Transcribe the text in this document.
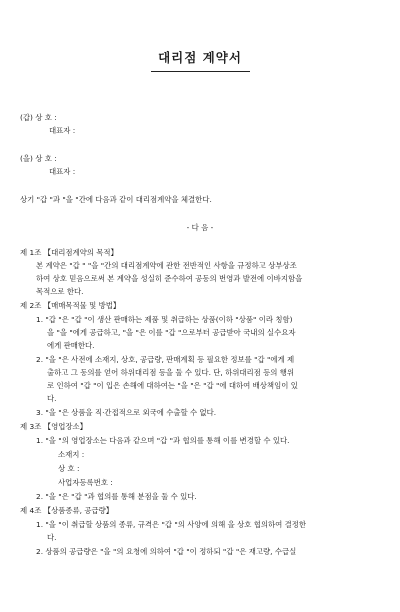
대리점 계약서
(갑) 상 호 :
대표자 :
(을) 상 호 :
대표자 :
상기 "갑 "과 "을 "간에 다음과 같이 대리점계약을 체결한다.
- 다 음 -
제 1조 【대리점계약의 목적】
본 계약은 "갑 " "을 "간의 대리점계약에 관한 전반적인 사항을 규정하고 상부상조
하여 상호 믿음으로써 본 계약을 성실히 준수하여 공동의 번영과 발전에 이바지함을
목적으로 한다.
제 2조 【매매목적물 및 방법】
1. "갑 "은 "갑 "이 생산 판매하는 제품 및 취급하는 상품(이하 "상품" 이라 칭함)
을 "을 "에게 공급하고, "을 "은 이를 "갑 "으로부터 공급받아 국내의 실수요자
에게 판매한다.
2. "을 "은 사전에 소재지, 상호, 공급량, 판매계획 등 필요한 정보를 "갑 "에게 제
출하고 그 동의를 얻어 하위대리점 등을 둘 수 있다. 단, 하위대리점 등의 행위
로 인하여 "갑 "이 입은 손해에 대하여는 "을 "은 "갑 "에 대하여 배상책임이 있
다.
3. "을 "은 상품을 직·간접적으로 외국에 수출할 수 없다.
제 3조 【영업장소】
1. "을 "의 영업장소는 다음과 같으며 "갑 "과 협의를 통해 이를 변경할 수 있다.
소재지 :
상 호 :
사업자등록번호 :
2. "을 "은 "갑 "과 협의를 통해 분점을 둘 수 있다.
제 4조 【상품종류, 공급량】
1. "을 "이 취급할 상품의 종류, 규격은 "갑 "의 사양에 의해 을 상호 협의하여 결정한
다.
2. 상품의 공급량은 "을 "의 요청에 의하여 "갑 "이 정하되 "갑 "은 재고량, 수급실
